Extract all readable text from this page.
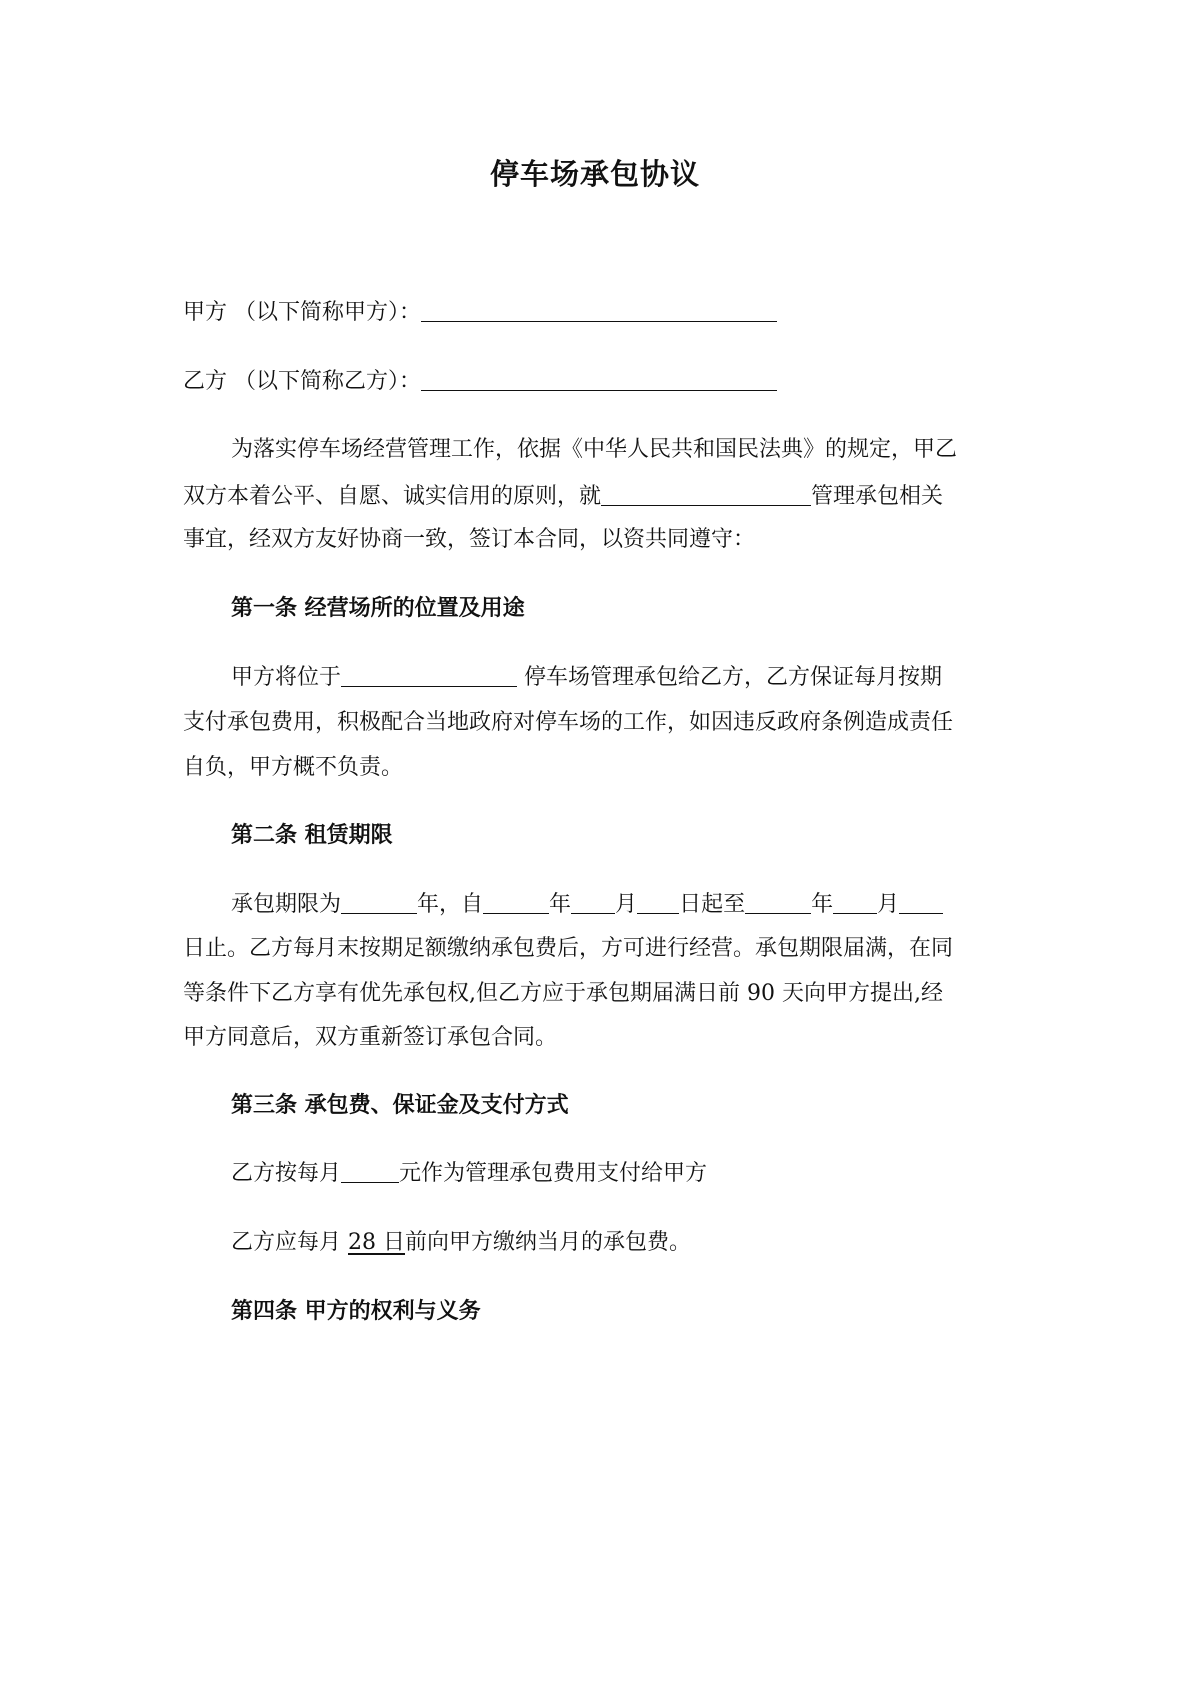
停车场承包协议
甲方 （以下简称甲方）：
乙方 （以下简称乙方）：
为落实停车场经营管理工作，依据《中华人民共和国民法典》的规定，甲乙
双方本着公平、自愿、诚实信用的原则，就	管理承包相关
事宜，经双方友好协商一致，签订本合同，以资共同遵守：
第一条 经营场所的位置及用途
甲方将位于	停车场管理承包给乙方，乙方保证每月按期
支付承包费用，积极配合当地政府对停车场的工作，如因违反政府条例造成责任
自负，甲方概不负责。
第二条 租赁期限
承包期限为	年，自	年 月 日起至	年 月
日止。乙方每月末按期足额缴纳承包费后，方可进行经营。承包期限届满，在同
等条件下乙方享有优先承包权,但乙方应于承包期届满日前 90 天向甲方提出,经
甲方同意后，双方重新签订承包合同。
第三条 承包费、保证金及支付方式
乙方按每月	元作为管理承包费用支付给甲方
乙方应每月 28 日前向甲方缴纳当月的承包费。
第四条 甲方的权利与义务
